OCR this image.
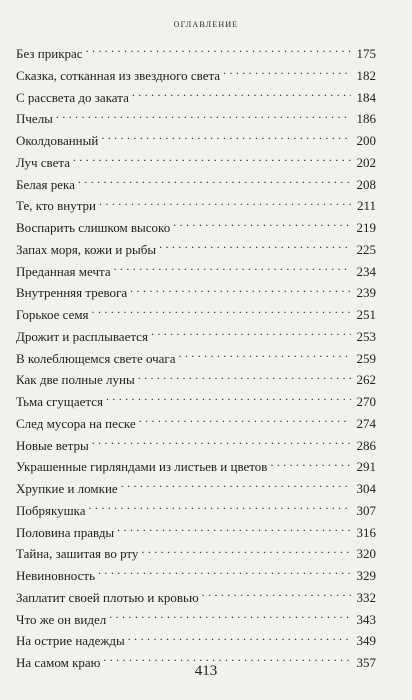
оглавление
Без прикрас . . .	175
Сказка, сотканная из звездного света . . .	182
С рассвета до заката . . .	184
Пчелы . . .	186
Околдованный . . .	200
Луч света . . .	202
Белая река . . .	208
Те, кто внутри . . .	211
Воспарить слишком высоко . . .	219
Запах моря, кожи и рыбы . . .	225
Преданная мечта . . .	234
Внутренняя тревога . . .	239
Горькое семя . . .	251
Дрожит и расплывается . . .	253
В колеблющемся свете очага . . .	259
Как две полные луны . . .	262
Тьма сгущается . . .	270
След мусора на песке . . .	274
Новые ветры . . .	286
Украшенные гирляндами из листьев и цветов . . .	291
Хрупкие и ломкие . . .	304
Побрякушка . . .	307
Половина правды . . .	316
Тайна, зашитая во рту . . .	320
Невиновность . . .	329
Заплатит своей плотью и кровью . . .	332
Что же он видел . . .	343
На острие надежды . . .	349
На самом краю . . .	357
413
